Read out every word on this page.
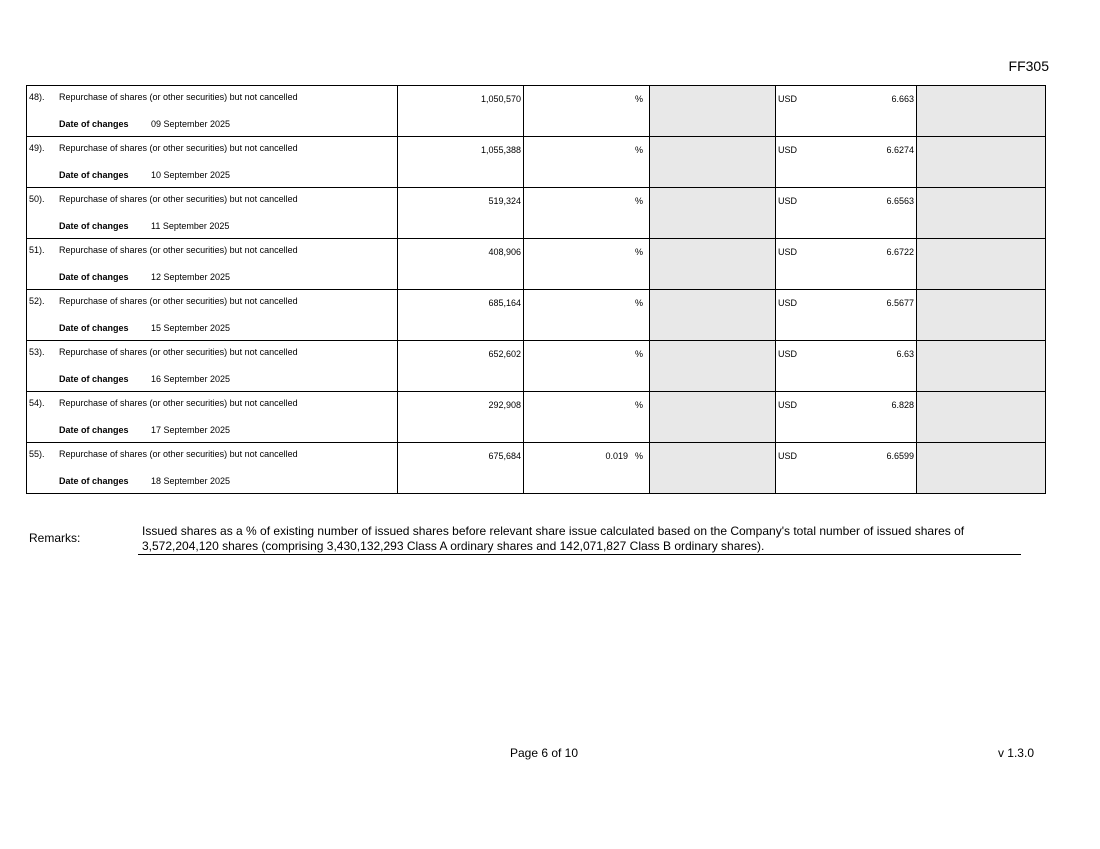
FF305
48). Repurchase of shares (or other securities) but not cancelled
Date of changes 09 September 2025	1,050,570	%		USD 6.663	

49). Repurchase of shares (or other securities) but not cancelled
Date of changes 10 September 2025	1,055,388	%		USD 6.6274	

50). Repurchase of shares (or other securities) but not cancelled
Date of changes 11 September 2025	519,324	%		USD 6.6563	

51). Repurchase of shares (or other securities) but not cancelled
Date of changes 12 September 2025	408,906	%		USD 6.6722	

52). Repurchase of shares (or other securities) but not cancelled
Date of changes 15 September 2025	685,164	%		USD 6.5677	

53). Repurchase of shares (or other securities) but not cancelled
Date of changes 16 September 2025	652,602	%		USD 6.63	

54). Repurchase of shares (or other securities) but not cancelled
Date of changes 17 September 2025	292,908	%		USD 6.828	

55). Repurchase of shares (or other securities) but not cancelled
Date of changes 18 September 2025	675,684	0.019 %		USD 6.6599	

Remarks:	Issued shares as a % of existing number of issued shares before relevant share issue calculated based on the Company's total number of issued shares of 3,572,204,120 shares (comprising 3,430,132,293 Class A ordinary shares and 142,071,827 Class B ordinary shares).
Page 6 of 10	v 1.3.0
